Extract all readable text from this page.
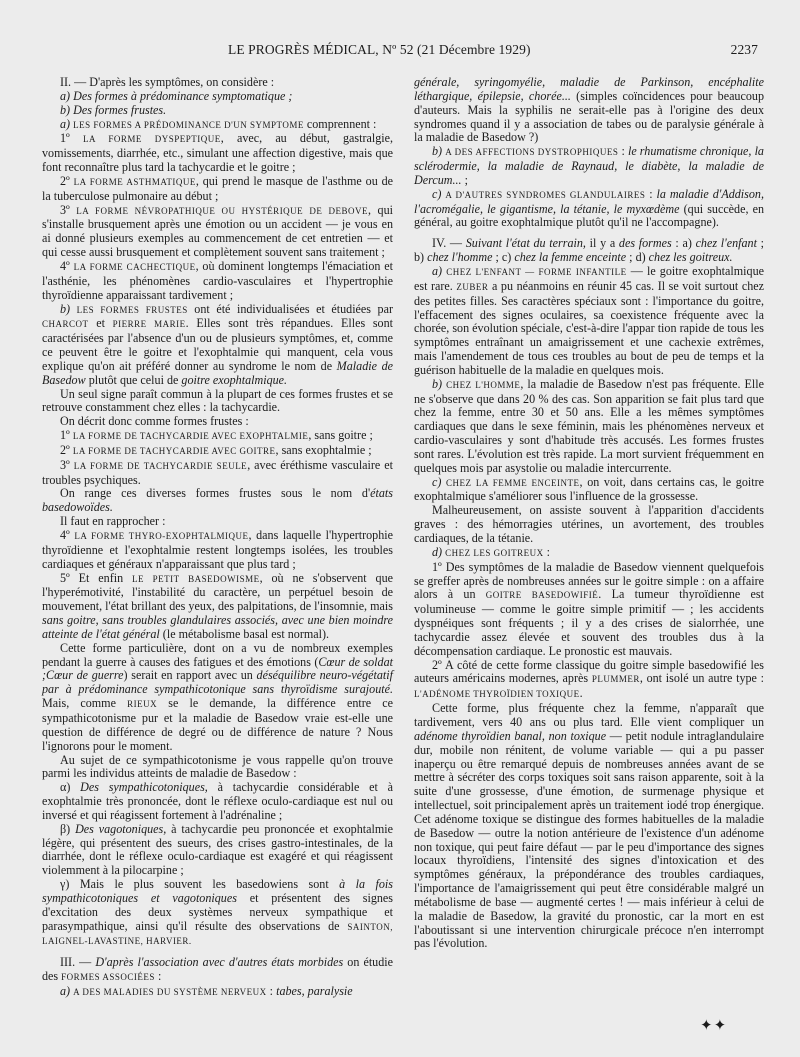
LE PROGRÈS MÉDICAL, Nº 52 (21 Décembre 1929)	2237

II. — D'après les symptômes, on considère :

a) Des formes à prédominance symptomatique ;

b) Des formes frustes.

a) LES FORMES A PRÉDOMINANCE D'UN SYMPTOME comprennent :

1º LA FORME DYSPEPTIQUE, avec, au début, gastralgie, vomissements, diarrhée, etc., simulant une affection digestive, mais que font reconnaître plus tard la tachycardie et le goitre ;

2º LA FORME ASTHMATIQUE, qui prend le masque de l'asthme ou de la tuberculose pulmonaire au début ;

3º LA FORME NÉVROPATHIQUE OU HYSTÉRIQUE DE DEBOVE, qui s'installe brusquement après une émotion ou un accident — je vous en ai donné plusieurs exemples au commencement de cet entretien — et qui cesse aussi brusquement et complètement souvent sans traitement ;

4º LA FORME CACHECTIQUE, où dominent longtemps l'émaciation et l'asthénie, les phénomènes cardio-vasculaires et l'hypertrophie thyroïdienne apparaissant tardivement ;

b) LES FORMES FRUSTES ont été individualisées et étudiées par CHARCOT et PIERRE MARIE. Elles sont très répandues. Elles sont caractérisées par l'absence d'un ou de plusieurs symptômes, et, comme ce peuvent être le goitre et l'exophtalmie qui manquent, cela vous explique qu'on ait préféré donner au syndrome le nom de Maladie de Basedow plutôt que celui de goitre exophtalmique.

Un seul signe paraît commun à la plupart de ces formes frustes et se retrouve constamment chez elles : la tachycardie.

On décrit donc comme formes frustes :

1º LA FORME DE TACHYCARDIE AVEC EXOPHTALMIE, sans goitre ;

2º LA FORME DE TACHYCARDIE AVEC GOITRE, sans exophtalmie ;

3º LA FORME DE TACHYCARDIE SEULE, avec éréthisme vasculaire et troubles psychiques.

On range ces diverses formes frustes sous le nom d'états basedowoïdes.

Il faut en rapprocher :

4º LA FORME THYRO-EXOPHTALMIQUE, dans laquelle l'hypertrophie thyroïdienne et l'exophtalmie restent longtemps isolées, les troubles cardiaques et généraux n'apparaissant que plus tard ;

5º Et enfin LE PETIT BASEDOWISME, où ne s'observent que l'hyperémotivité, l'instabilité du caractère, un perpétuel besoin de mouvement, l'état brillant des yeux, des palpitations, de l'insomnie, mais sans goitre, sans troubles glandulaires associés, avec une bien moindre atteinte de l'état général (le métabolisme basal est normal).

Cette forme particulière, dont on a vu de nombreux exemples pendant la guerre à causes des fatigues et des émotions (Cœur de soldat ;Cœur de guerre) serait en rapport avec un déséquilibre neuro-végétatif par à prédominance sympathicotonique sans thyroïdisme surajouté. Mais, comme RIEUX se le demande, la différence entre ce sympathicotonisme pur et la maladie de Basedow vraie est-elle une question de différence de degré ou de différence de nature ? Nous l'ignorons pour le moment.

Au sujet de ce sympathicotonisme je vous rappelle qu'on trouve parmi les individus atteints de maladie de Basedow :

α) Des sympathicotoniques, à tachycardie considérable et à exophtalmie très prononcée, dont le réflexe oculo-cardiaque est nul ou inversé et qui réagissent fortement à l'adrénaline ;

β) Des vagotoniques, à tachycardie peu prononcée et exophtalmie légère, qui présentent des sueurs, des crises gastro-intestinales, de la diarrhée, dont le réflexe oculo-cardiaque est exagéré et qui réagissent violemment à la pilocarpine ;

γ) Mais le plus souvent les basedowiens sont à la fois sympathicotoniques et vagotoniques et présentent des signes d'excitation des deux systèmes nerveux sympathique et parasympathique, ainsi qu'il résulte des observations de SAINTON, LAIGNEL-LAVASTINE, HARVIER.

III. — D'après l'association avec d'autres états morbides on étudie des FORMES ASSOCIÉES :

a) A DES MALADIES DU SYSTÈME NERVEUX : tabes, paralysie

générale, syringomyélie, maladie de Parkinson, encéphalite léthargique, épilepsie, chorée... (simples coïncidences pour beaucoup d'auteurs. Mais la syphilis ne serait-elle pas à l'origine des deux syndromes quand il y a association de tabes ou de paralysie générale à la maladie de Basedow ?)

b) A DES AFFECTIONS DYSTROPHIQUES : le rhumatisme chronique, la sclérodermie, la maladie de Raynaud, le diabète, la maladie de Dercum... ;

c) A D'AUTRES SYNDROMES GLANDULAIRES : la maladie d'Addison, l'acromégalie, le gigantisme, la tétanie, le myxœdème (qui succède, en général, au goitre exophtalmique plutôt qu'il ne l'accompagne).

IV. — Suivant l'état du terrain, il y a des formes : a) chez l'enfant ; b) chez l'homme ; c) chez la femme enceinte ; d) chez les goitreux.

a) CHEZ L'ENFANT — FORME INFANTILE — le goitre exophtalmique est rare. ZUBER a pu néanmoins en réunir 45 cas. Il se voit surtout chez des petites filles. Ses caractères spéciaux sont : l'importance du goitre, l'effacement des signes oculaires, sa coexistence fréquente avec la chorée, son évolution spéciale, c'est-à-dire l'appar tion rapide de tous les symptômes entraînant un amaigrissement et une cachexie extrêmes, mais l'amendement de tous ces troubles au bout de peu de temps et la guérison habituelle de la maladie en quelques mois.

b) CHEZ L'HOMME, la maladie de Basedow n'est pas fréquente. Elle ne s'observe que dans 20 % des cas. Son apparition se fait plus tard que chez la femme, entre 30 et 50 ans. Elle a les mêmes symptômes cardiaques que dans le sexe féminin, mais les phénomènes nerveux et cardio-vasculaires y sont d'habitude très accusés. Les formes frustes sont rares. L'évolution est très rapide. La mort survient fréquemment en quelques mois par asystolie ou maladie intercurrente.

c) CHEZ LA FEMME ENCEINTE, on voit, dans certains cas, le goitre exophtalmique s'améliorer sous l'influence de la grossesse.

Malheureusement, on assiste souvent à l'apparition d'accidents graves : des hémorragies utérines, un avortement, des troubles cardiaques, de la tétanie.

d) CHEZ LES GOITREUX :

1º Des symptômes de la maladie de Basedow viennent quelquefois se greffer après de nombreuses années sur le goitre simple : on a affaire alors à un GOITRE BASEDOWIFIÉ. La tumeur thyroïdienne est volumineuse — comme le goitre simple primitif — ; les accidents dyspnéiques sont fréquents ; il y a des crises de sialorrhée, une tachycardie assez élevée et souvent des troubles dus à la décompensation cardiaque. Le pronostic est mauvais.

2º A côté de cette forme classique du goitre simple basedowifié les auteurs américains modernes, après PLUMMER, ont isolé un autre type : L'ADÉNOME THYROÏDIEN TOXIQUE.

Cette forme, plus fréquente chez la femme, n'apparaît que tardivement, vers 40 ans ou plus tard. Elle vient compliquer un adénome thyroïdien banal, non toxique — petit nodule intraglandulaire dur, mobile non rénitent, de volume variable — qui a pu passer inaperçu ou être remarqué depuis de nombreuses années avant de se mettre à sécréter des corps toxiques soit sans raison apparente, soit à la suite d'une grossesse, d'une émotion, de surmenage physique et intellectuel, soit principalement après un traitement iodé trop énergique. Cet adénome toxique se distingue des formes habituelles de la maladie de Basedow — outre la notion antérieure de l'existence d'un adénome non toxique, qui peut faire défaut — par le peu d'importance des signes locaux thyroïdiens, l'intensité des signes d'intoxication et des symptômes généraux, la prépondérance des troubles cardiaques, l'importance de l'amaigrissement qui peut être considérable malgré un métabolisme de base — augmenté certes ! — mais inférieur à celui de la maladie de Basedow, la gravité du pronostic, car la mort en est l'aboutissant si une intervention chirurgicale précoce n'en interrompt pas l'évolution.

✦✦
